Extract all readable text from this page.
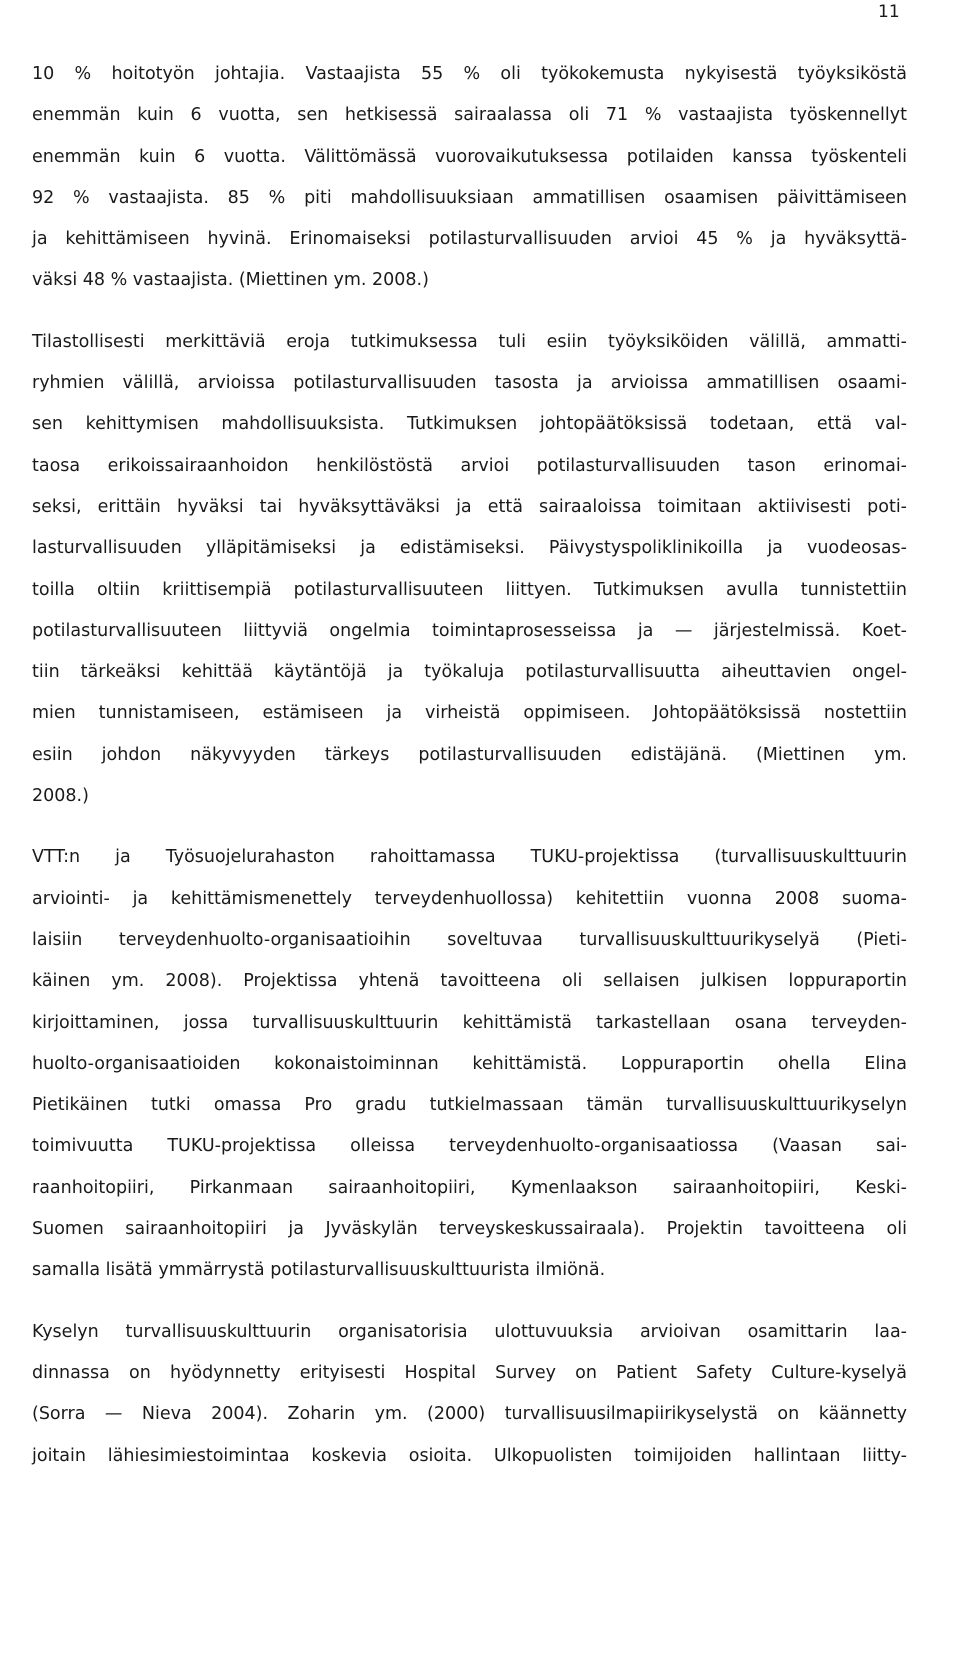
11
10 % hoitotyön johtajia. Vastaajista 55 % oli työkokemusta nykyisestä työyksiköstä
enemmän kuin 6 vuotta, sen hetkisessä sairaalassa oli 71 % vastaajista työskennellyt
enemmän kuin 6 vuotta. Välittömässä vuorovaikutuksessa potilaiden kanssa työskenteli
92 % vastaajista. 85 % piti mahdollisuuksiaan ammatillisen osaamisen päivittämiseen
ja kehittämiseen hyvinä. Erinomaiseksi potilasturvallisuuden arvioi 45 % ja hyväksyttä-
väksi 48 % vastaajista. (Miettinen ym. 2008.)
Tilastollisesti merkittäviä eroja tutkimuksessa tuli esiin työyksiköiden välillä, ammatti-
ryhmien välillä, arvioissa potilasturvallisuuden tasosta ja arvioissa ammatillisen osaami-
sen kehittymisen mahdollisuuksista. Tutkimuksen johtopäätöksissä todetaan, että val-
taosa erikoissairaanhoidon henkilöstöstä arvioi potilasturvallisuuden tason erinomai-
seksi, erittäin hyväksi tai hyväksyttäväksi ja että sairaaloissa toimitaan aktiivisesti poti-
lasturvallisuuden ylläpitämiseksi ja edistämiseksi. Päivystyspoliklinikoilla ja vuodeosas-
toilla oltiin kriittisempiä potilasturvallisuuteen liittyen. Tutkimuksen avulla tunnistettiin
potilasturvallisuuteen liittyviä ongelmia toimintaprosesseissa ja — järjestelmissä. Koet-
tiin tärkeäksi kehittää käytäntöjä ja työkaluja potilasturvallisuutta aiheuttavien ongel-
mien tunnistamiseen, estämiseen ja virheistä oppimiseen. Johtopäätöksissä nostettiin
esiin johdon näkyvyyden tärkeys potilasturvallisuuden edistäjänä. (Miettinen ym.
2008.)
VTT:n ja Työsuojelurahaston rahoittamassa TUKU-projektissa (turvallisuuskulttuurin
arviointi- ja kehittämismenettely terveydenhuollossa) kehitettiin vuonna 2008 suoma-
laisiin terveydenhuolto-organisaatioihin soveltuvaa turvallisuuskulttuurikyselyä (Pieti-
käinen ym. 2008). Projektissa yhtenä tavoitteena oli sellaisen julkisen loppuraportin
kirjoittaminen, jossa turvallisuuskulttuurin kehittämistä tarkastellaan osana terveyden-
huolto-organisaatioiden kokonaistoiminnan kehittämistä. Loppuraportin ohella Elina
Pietikäinen tutki omassa Pro gradu tutkielmassaan tämän turvallisuuskulttuurikyselyn
toimivuutta TUKU-projektissa olleissa terveydenhuolto-organisaatiossa (Vaasan sai-
raanhoitopiiri, Pirkanmaan sairaanhoitopiiri, Kymenlaakson sairaanhoitopiiri, Keski-
Suomen sairaanhoitopiiri ja Jyväskylän terveyskeskussairaala). Projektin tavoitteena oli
samalla lisätä ymmärrystä potilasturvallisuuskulttuurista ilmiönä.
Kyselyn turvallisuuskulttuurin organisatorisia ulottuvuuksia arvioivan osamittarin laa-
dinnassa on hyödynnetty erityisesti Hospital Survey on Patient Safety Culture-kyselyä
(Sorra — Nieva 2004). Zoharin ym. (2000) turvallisuusilmapiirikyselystä on käännetty
joitain lähiesimiestoimintaa koskevia osioita. Ulkopuolisten toimijoiden hallintaan liitty-
